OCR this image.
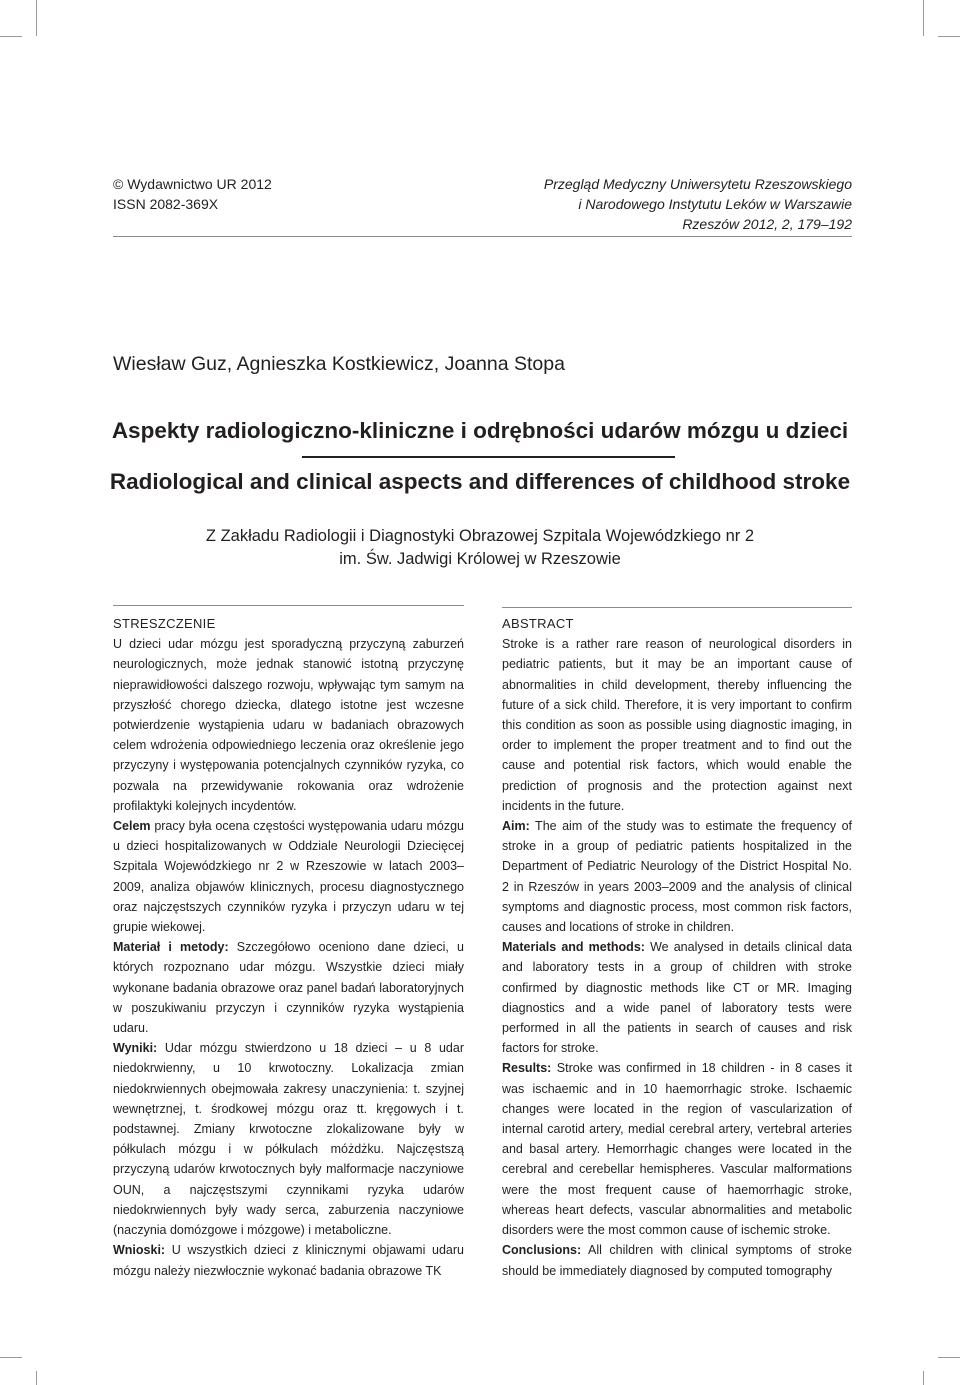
© Wydawnictwo UR 2012
ISSN 2082-369X
Przegląd Medyczny Uniwersytetu Rzeszowskiego
i Narodowego Instytutu Leków w Warszawie
Rzeszów 2012, 2, 179–192
Wiesław Guz, Agnieszka Kostkiewicz, Joanna Stopa
Aspekty radiologiczno-kliniczne i odrębności udarów mózgu u dzieci
Radiological and clinical aspects and differences of childhood stroke
Z Zakładu Radiologii i Diagnostyki Obrazowej Szpitala Wojewódzkiego nr 2
im. Św. Jadwigi Królowej w Rzeszowie

STRESZCZENIE

U dzieci udar mózgu jest sporadyczną przyczyną zaburzeń neurologicznych, może jednak stanowić istotną przyczynę nieprawidłowości dalszego rozwoju, wpływając tym samym na przyszłość chorego dziecka, dlatego istotne jest wczesne potwierdzenie wystąpienia udaru w badaniach obrazowych celem wdrożenia odpowiedniego leczenia oraz określenie jego przyczyny i występowania potencjalnych czynników ryzyka, co pozwala na przewidywanie rokowania oraz wdrożenie profilaktyki kolejnych incydentów.

Celem pracy była ocena częstości występowania udaru mózgu u dzieci hospitalizowanych w Oddziale Neurologii Dziecięcej Szpitala Wojewódzkiego nr 2 w Rzeszowie w latach 2003–2009, analiza objawów klinicznych, procesu diagnostycznego oraz najczęstszych czynników ryzyka i przyczyn udaru w tej grupie wiekowej.

Materiał i metody: Szczegółowo oceniono dane dzieci, u których rozpoznano udar mózgu. Wszystkie dzieci miały wykonane badania obrazowe oraz panel badań laboratoryjnych w poszukiwaniu przyczyn i czynników ryzyka wystąpienia udaru.

Wyniki: Udar mózgu stwierdzono u 18 dzieci – u 8 udar niedokrwienny, u 10 krwotoczny. Lokalizacja zmian niedokrwiennych obejmowała zakresy unaczynienia: t. szyjnej wewnętrznej, t. środkowej mózgu oraz tt. kręgowych i t. podstawnej. Zmiany krwotoczne zlokalizowane były w półkulach mózgu i w półkulach móżdżku. Najczęstszą przyczyną udarów krwotocznych były malformacje naczyniowe OUN, a najczęstszymi czynnikami ryzyka udarów niedokrwiennych były wady serca, zaburzenia naczyniowe (naczynia domózgowe i mózgowe) i metaboliczne.

Wnioski: U wszystkich dzieci z klinicznymi objawami udaru mózgu należy niezwłocznie wykonać badania obrazowe TK

ABSTRACT

Stroke is a rather rare reason of neurological disorders in pediatric patients, but it may be an important cause of abnormalities in child development, thereby influencing the future of a sick child. Therefore, it is very important to confirm this condition as soon as possible using diagnostic imaging, in order to implement the proper treatment and to find out the cause and potential risk factors, which would enable the prediction of prognosis and the protection against next incidents in the future.

Aim: The aim of the study was to estimate the frequency of stroke in a group of pediatric patients hospitalized in the Department of Pediatric Neurology of the District Hospital No. 2 in Rzeszów in years 2003–2009 and the analysis of clinical symptoms and diagnostic process, most common risk factors, causes and locations of stroke in children.

Materials and methods: We analysed in details clinical data and laboratory tests in a group of children with stroke confirmed by diagnostic methods like CT or MR. Imaging diagnostics and a wide panel of laboratory tests were performed in all the patients in search of causes and risk factors for stroke.

Results: Stroke was confirmed in 18 children - in 8 cases it was ischaemic and in 10 haemorrhagic stroke. Ischaemic changes were located in the region of vascularization of internal carotid artery, medial cerebral artery, vertebral arteries and basal artery. Hemorrhagic changes were located in the cerebral and cerebellar hemispheres. Vascular malformations were the most frequent cause of haemorrhagic stroke, whereas heart defects, vascular abnormalities and metabolic disorders were the most common cause of ischemic stroke.

Conclusions: All children with clinical symptoms of stroke should be immediately diagnosed by computed tomography
